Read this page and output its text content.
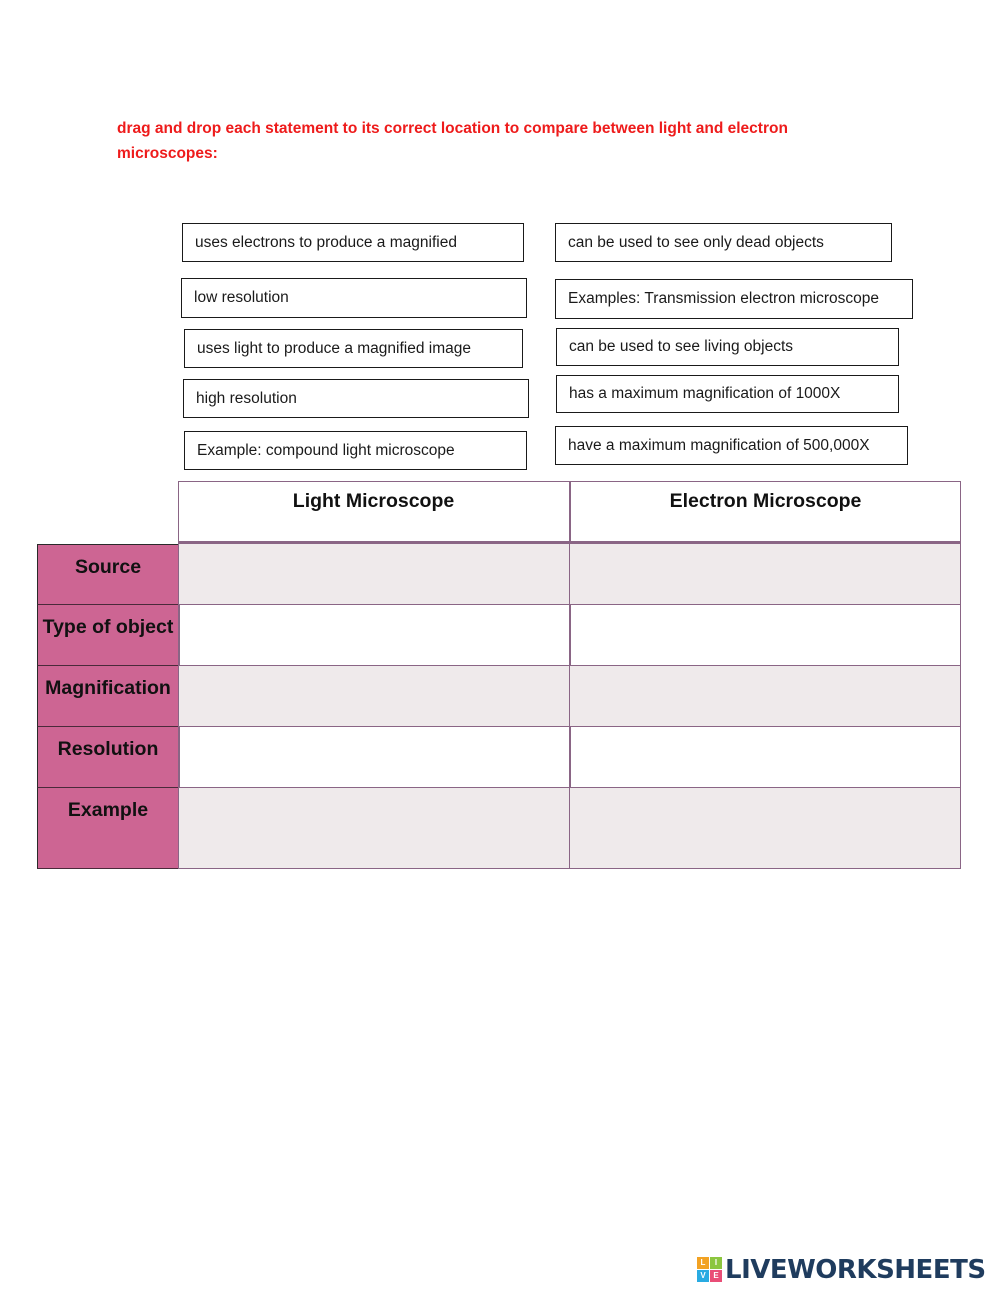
drag and drop each statement to its correct location to compare between light and electron
microscopes:
uses electrons to produce a magnified	can be used to see only dead objects
low resolution	Examples: Transmission electron microscope
uses light to produce a magnified image	can be used to see living objects
high resolution	has a maximum magnification of 1000X
Example: compound light microscope	have a maximum magnification of 500,000X
Light Microscope	Electron Microscope
Source
Type of object
Magnification
Resolution
Example
L	I
V E LIVEWORKSHEETS
